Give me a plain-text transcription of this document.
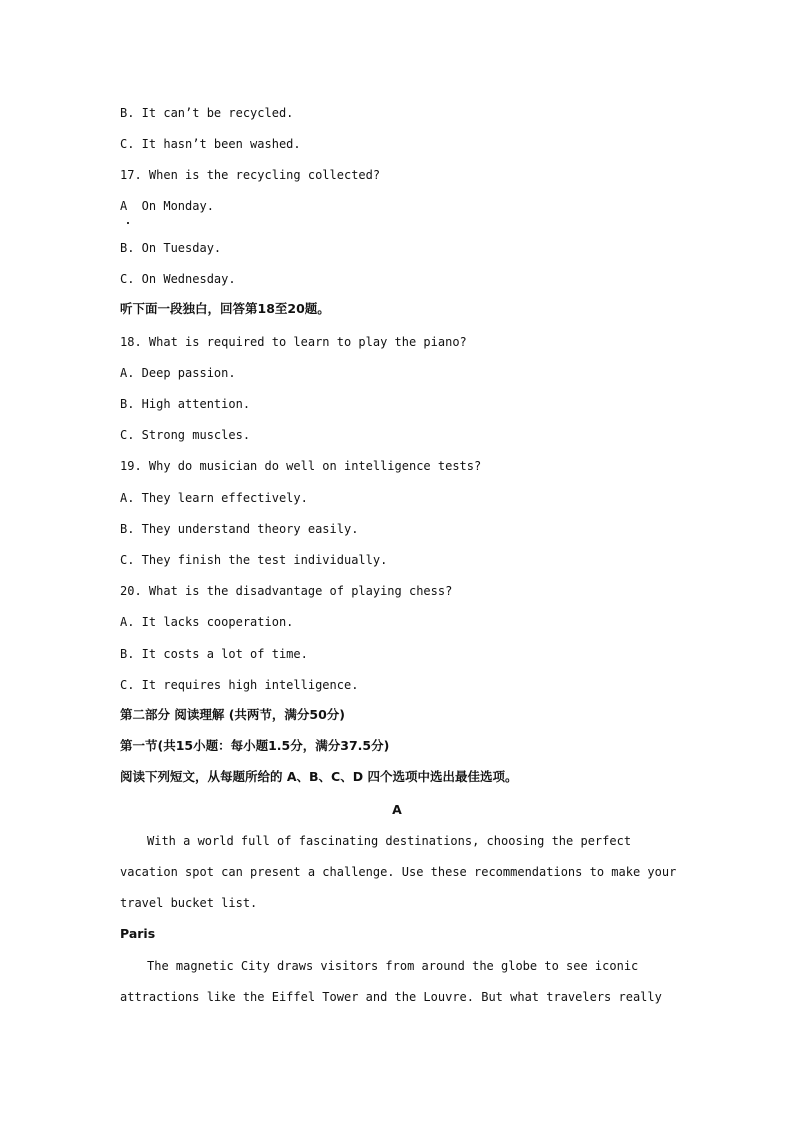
B. It can’t be recycled.
C. It hasn’t been washed.
17. When is the recycling collected?
A  On Monday.
B. On Tuesday.
C. On Wednesday.
听下面一段独白，回答第18至20题。
18. What is required to learn to play the piano?
A. Deep passion.
B. High attention.
C. Strong muscles.
19. Why do musician do well on intelligence tests?
A. They learn effectively.
B. They understand theory easily.
C. They finish the test individually.
20. What is the disadvantage of playing chess?
A. It lacks cooperation.
B. It costs a lot of time.
C. It requires high intelligence.
第二部分 阅读理解 (共两节，满分50分)
第一节(共15小题：每小题1.5分，满分37.5分)
阅读下列短文，从每题所给的 A、B、C、D 四个选项中选出最佳选项。
A
With a world full of fascinating destinations, choosing the perfect
vacation spot can present a challenge. Use these recommendations to make your
travel bucket list.
Paris
The magnetic City draws visitors from around the globe to see iconic
attractions like the Eiffel Tower and the Louvre. But what travelers really
